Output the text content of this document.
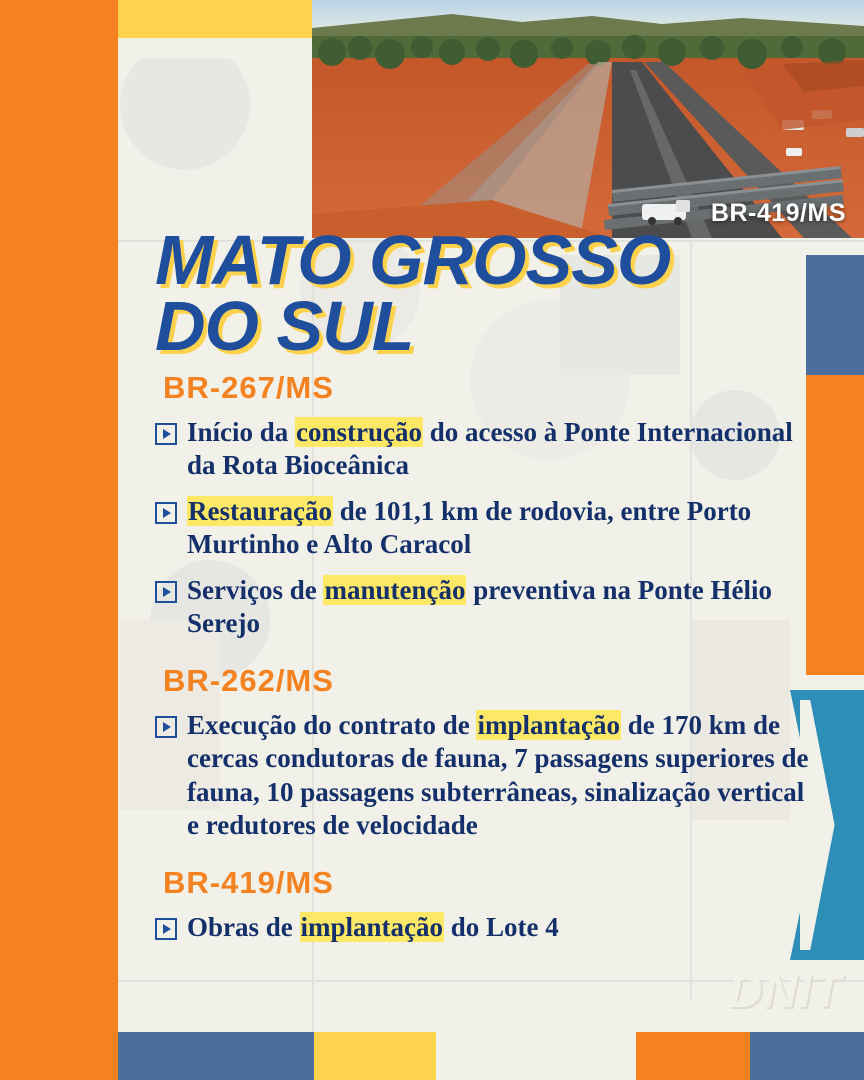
BR-419/MS
MATO GROSSO
DO SUL
BR-267/MS
Início da construção do acesso à Ponte Internacional da Rota Bioceânica
Restauração de 101,1 km de rodovia, entre Porto Murtinho e Alto Caracol
Serviços de manutenção preventiva na Ponte Hélio Serejo
BR-262/MS
Execução do contrato de implantação de 170 km de cercas condutoras de fauna, 7 passagens superiores de fauna, 10 passagens subterrâneas, sinalização vertical e redutores de velocidade
BR-419/MS
Obras de implantação do Lote 4
DNIT
